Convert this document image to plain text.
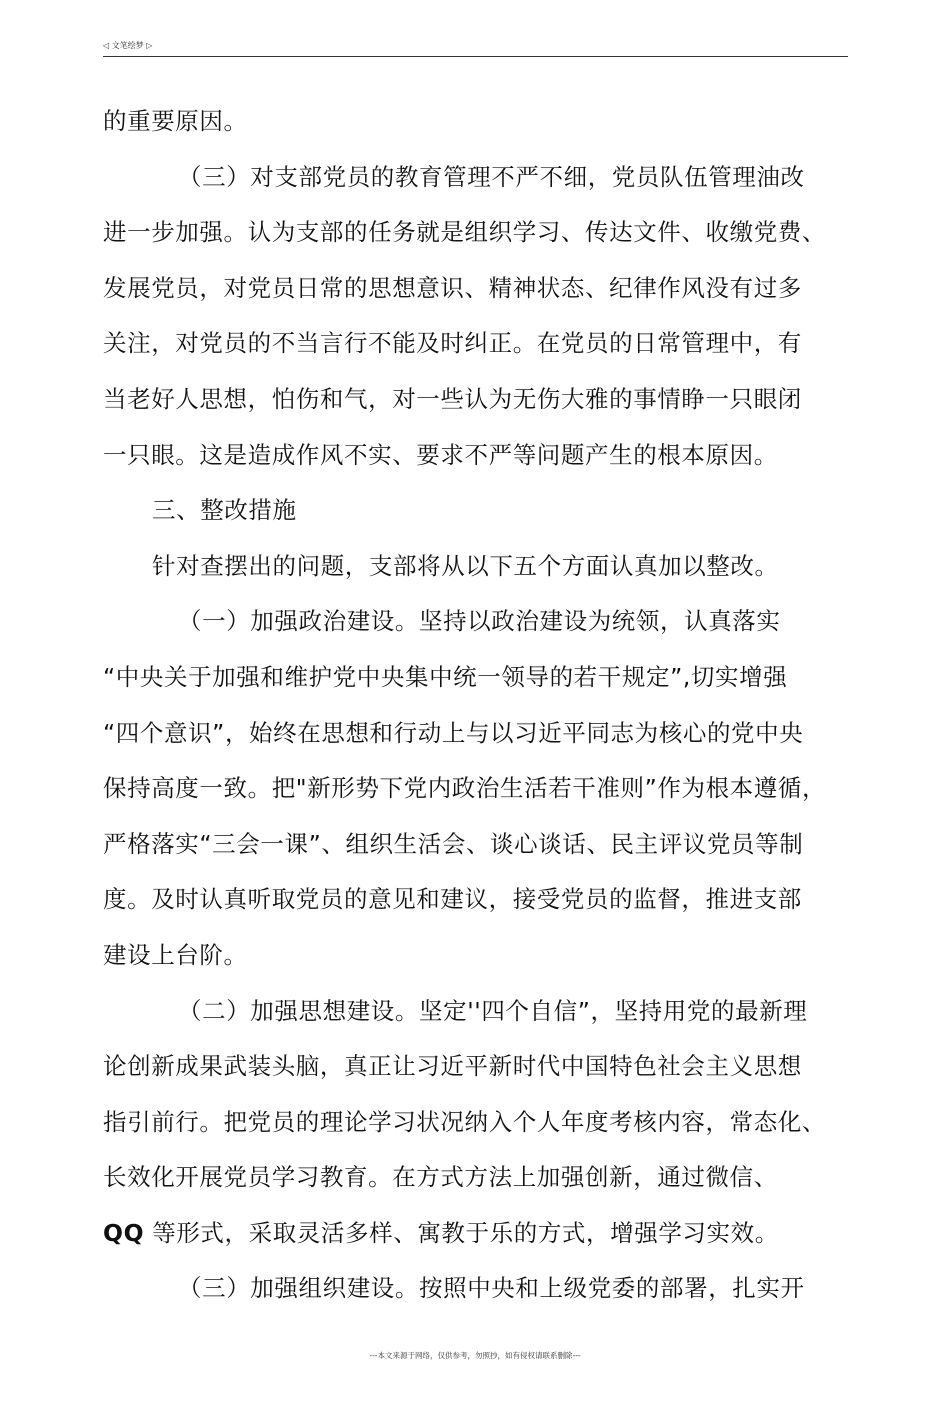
◁ 文笔绘梦 ▷
的重要原因。
（三）对支部党员的教育管理不严不细，党员队伍管理油改
进一步加强。认为支部的任务就是组织学习、传达文件、收缴党费、
发展党员，对党员日常的思想意识、精神状态、纪律作风没有过多
关注，对党员的不当言行不能及时纠正。在党员的日常管理中，有
当老好人思想，怕伤和气，对一些认为无伤大雅的事情睁一只眼闭
一只眼。这是造成作风不实、要求不严等问题产生的根本原因。
三、整改措施
针对查摆出的问题，支部将从以下五个方面认真加以整改。
（一）加强政治建设。坚持以政治建设为统领，认真落实
“中央关于加强和维护党中央集中统一领导的若干规定”,切实增强
“四个意识”，始终在思想和行动上与以习近平同志为核心的党中央
保持高度一致。把"新形势下党内政治生活若干准则”作为根本遵循，
严格落实“三会一课”、组织生活会、谈心谈话、民主评议党员等制
度。及时认真听取党员的意见和建议，接受党员的监督，推进支部
建设上台阶。
（二）加强思想建设。坚定''四个自信”，坚持用党的最新理
论创新成果武装头脑，真正让习近平新时代中国特色社会主义思想
指引前行。把党员的理论学习状况纳入个人年度考核内容，常态化、
长效化开展党员学习教育。在方式方法上加强创新，通过微信、
QQ 等形式，采取灵活多样、寓教于乐的方式，增强学习实效。
（三）加强组织建设。按照中央和上级党委的部署，扎实开
---本文来源于网络，仅供参考，勿照抄，如有侵权请联系删除---
